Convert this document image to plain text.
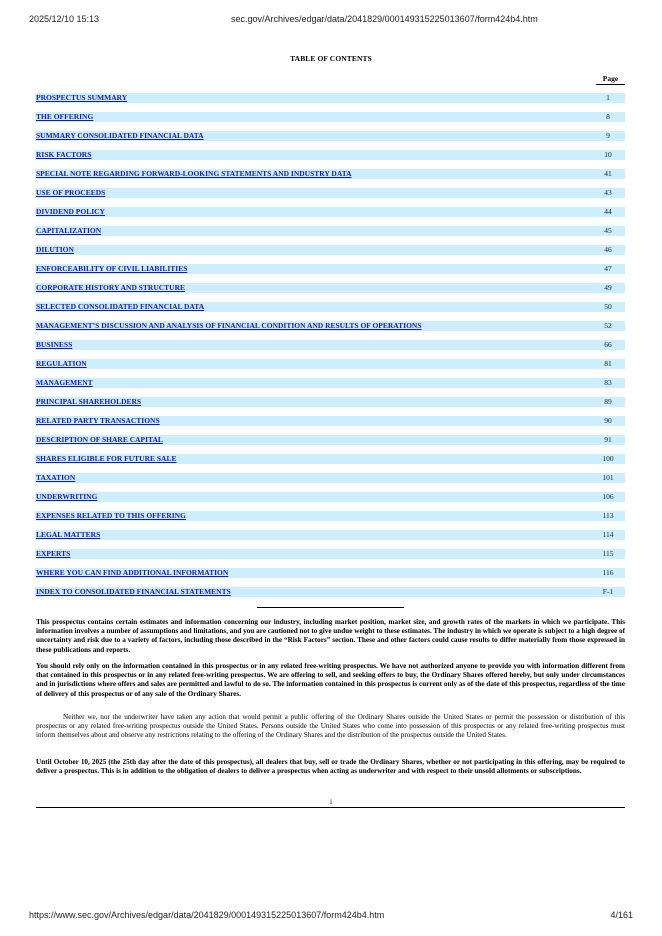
2025/12/10 15:13	sec.gov/Archives/edgar/data/2041829/000149315225013607/form424b4.htm
TABLE OF CONTENTS
Page
PROSPECTUS SUMMARY	1
THE OFFERING	8
SUMMARY CONSOLIDATED FINANCIAL DATA	9
RISK FACTORS	10
SPECIAL NOTE REGARDING FORWARD-LOOKING STATEMENTS AND INDUSTRY DATA	41
USE OF PROCEEDS	43
DIVIDEND POLICY	44
CAPITALIZATION	45
DILUTION	46
ENFORCEABILITY OF CIVIL LIABILITIES	47
CORPORATE HISTORY AND STRUCTURE	49
SELECTED CONSOLIDATED FINANCIAL DATA	50
MANAGEMENT’S DISCUSSION AND ANALYSIS OF FINANCIAL CONDITION AND RESULTS OF OPERATIONS	52
BUSINESS	66
REGULATION	81
MANAGEMENT	83
PRINCIPAL SHAREHOLDERS	89
RELATED PARTY TRANSACTIONS	90
DESCRIPTION OF SHARE CAPITAL	91
SHARES ELIGIBLE FOR FUTURE SALE	100
TAXATION	101
UNDERWRITING	106
EXPENSES RELATED TO THIS OFFERING	113
LEGAL MATTERS	114
EXPERTS	115
WHERE YOU CAN FIND ADDITIONAL INFORMATION	116
INDEX TO CONSOLIDATED FINANCIAL STATEMENTS	F-1

This prospectus contains certain estimates and information concerning our industry, including market position, market size, and growth rates of the markets in which we participate. This information involves a number of assumptions and limitations, and you are cautioned not to give undue weight to these estimates. The industry in which we operate is subject to a high degree of uncertainty and risk due to a variety of factors, including those described in the “Risk Factors” section. These and other factors could cause results to differ materially from those expressed in these publications and reports.

You should rely only on the information contained in this prospectus or in any related free-writing prospectus. We have not authorized anyone to provide you with information different from that contained in this prospectus or in any related free-writing prospectus. We are offering to sell, and seeking offers to buy, the Ordinary Shares offered hereby, but only under circumstances and in jurisdictions where offers and sales are permitted and lawful to do so. The information contained in this prospectus is current only as of the date of this prospectus, regardless of the time of delivery of this prospectus or of any sale of the Ordinary Shares.

Neither we, nor the underwriter have taken any action that would permit a public offering of the Ordinary Shares outside the United States or permit the possession or distribution of this prospectus or any related free-writing prospectus outside the United States. Persons outside the United States who come into possession of this prospectus or any related free-writing prospectus must inform themselves about and observe any restrictions relating to the offering of the Ordinary Shares and the distribution of the prospectus outside the United States.

Until October 10, 2025 (the 25th day after the date of this prospectus), all dealers that buy, sell or trade the Ordinary Shares, whether or not participating in this offering, may be required to deliver a prospectus. This is in addition to the obligation of dealers to deliver a prospectus when acting as underwriter and with respect to their unsold allotments or subscriptions.

i
https://www.sec.gov/Archives/edgar/data/2041829/000149315225013607/form424b4.htm	4/161
